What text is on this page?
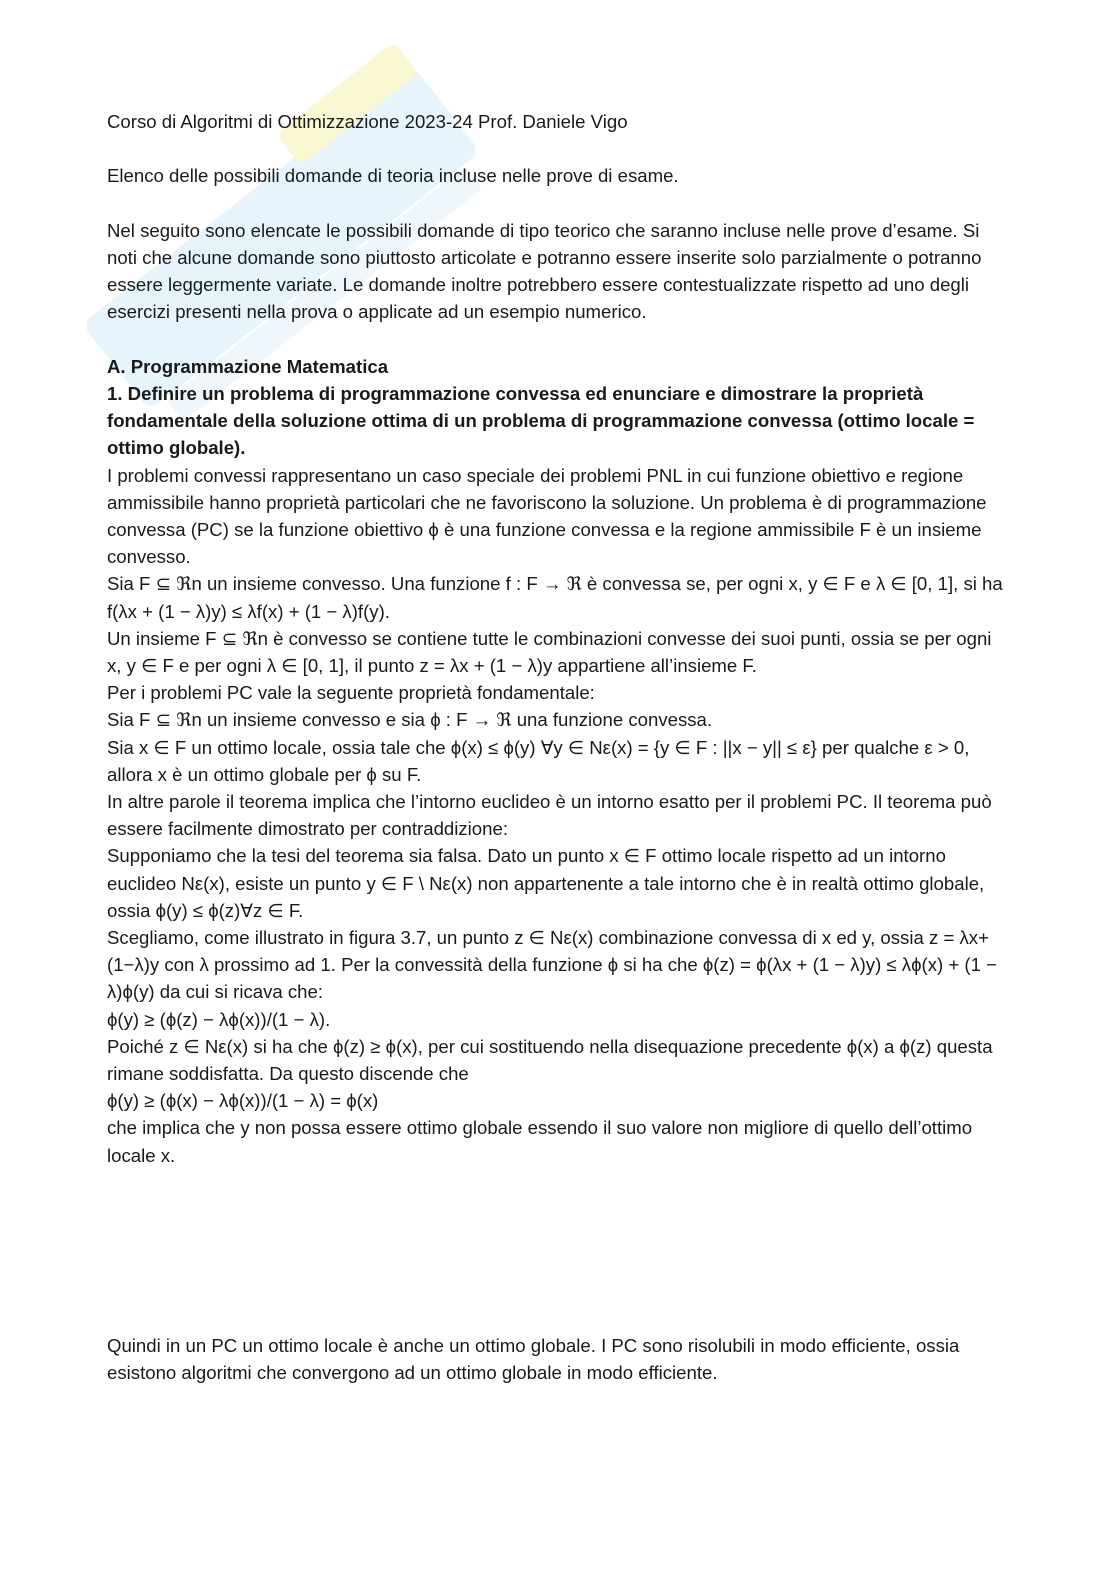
Corso di Algoritmi di Ottimizzazione 2023-24 Prof. Daniele Vigo

Elenco delle possibili domande di teoria incluse nelle prove di esame.

Nel seguito sono elencate le possibili domande di tipo teorico che saranno incluse nelle prove d’esame. Si noti che alcune domande sono piuttosto articolate e potranno essere inserite solo parzialmente o potranno essere leggermente variate. Le domande inoltre potrebbero essere contestualizzate rispetto ad uno degli esercizi presenti nella prova o applicate ad un esempio numerico.

A. Programmazione Matematica

1. Definire un problema di programmazione convessa ed enunciare e dimostrare la proprietà fondamentale della soluzione ottima di un problema di programmazione convessa (ottimo locale = ottimo globale).

I problemi convessi rappresentano un caso speciale dei problemi PNL in cui funzione obiettivo e regione ammissibile hanno proprietà particolari che ne favoriscono la soluzione. Un problema è di programmazione convessa (PC) se la funzione obiettivo ϕ è una funzione convessa e la regione ammissibile F è un insieme convesso.

Sia F ⊆ ℜn un insieme convesso. Una funzione f : F → ℜ è convessa se, per ogni x, y ∈ F e λ ∈ [0, 1], si ha f(λx + (1 − λ)y) ≤ λf(x) + (1 − λ)f(y).

Un insieme F ⊆ ℜn è convesso se contiene tutte le combinazioni convesse dei suoi punti, ossia se per ogni x, y ∈ F e per ogni λ ∈ [0, 1], il punto z = λx + (1 − λ)y appartiene all’insieme F.

Per i problemi PC vale la seguente proprietà fondamentale:

Sia F ⊆ ℜn un insieme convesso e sia ϕ : F → ℜ una funzione convessa.

Sia x ∈ F un ottimo locale, ossia tale che ϕ(x) ≤ ϕ(y) ∀y ∈ Nε(x) = {y ∈ F : ||x − y|| ≤ ε} per qualche ε > 0, allora x è un ottimo globale per ϕ su F.

In altre parole il teorema implica che l’intorno euclideo è un intorno esatto per il problemi PC. Il teorema può essere facilmente dimostrato per contraddizione:

Supponiamo che la tesi del teorema sia falsa. Dato un punto x ∈ F ottimo locale rispetto ad un intorno euclideo Nε(x), esiste un punto y ∈ F \ Nε(x) non appartenente a tale intorno che è in realtà ottimo globale, ossia ϕ(y) ≤ ϕ(z)∀z ∈ F.

Scegliamo, come illustrato in figura 3.7, un punto z ∈ Nε(x) combinazione convessa di x ed y, ossia z = λx+(1−λ)y con λ prossimo ad 1. Per la convessità della funzione ϕ si ha che ϕ(z) = ϕ(λx + (1 − λ)y) ≤ λϕ(x) + (1 − λ)ϕ(y) da cui si ricava che:

ϕ(y) ≥ (ϕ(z) − λϕ(x))/(1 − λ).

Poiché z ∈ Nε(x) si ha che ϕ(z) ≥ ϕ(x), per cui sostituendo nella disequazione precedente ϕ(x) a ϕ(z) questa rimane soddisfatta. Da questo discende che

ϕ(y) ≥ (ϕ(x) − λϕ(x))/(1 − λ) = ϕ(x)

che implica che y non possa essere ottimo globale essendo il suo valore non migliore di quello dell’ottimo locale x.

Quindi in un PC un ottimo locale è anche un ottimo globale. I PC sono risolubili in modo efficiente, ossia esistono algoritmi che convergono ad un ottimo globale in modo efficiente.
